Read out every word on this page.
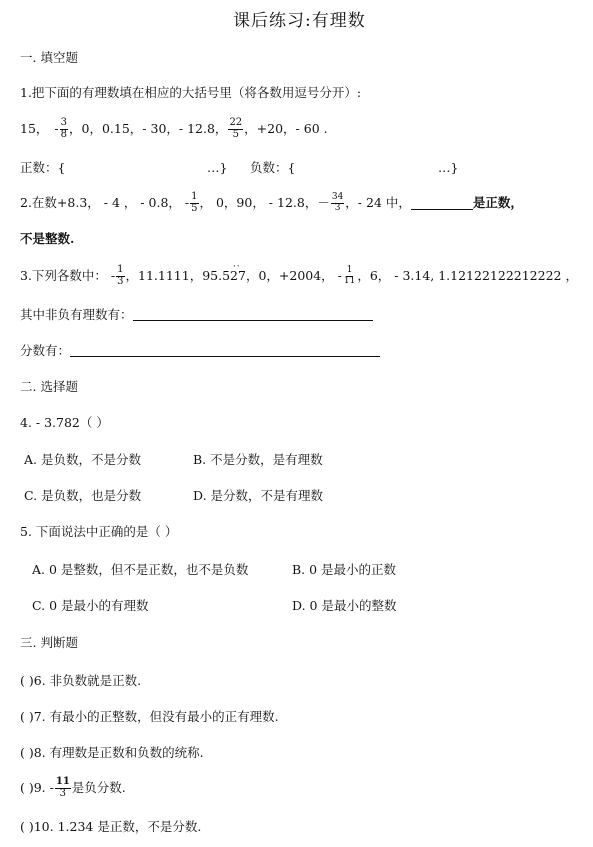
课后练习:有理数
一. 填空题
1.把下面的有理数填在相应的大括号里（将各数用逗号分开）:
15， - $\frac{3}{8}$ ，0，0.15，- 30，- 12.8， $\frac{22}{5}$ ，+20，- 60 .
正数：{	…} 负数：{	…}
2.在数+8.3， - 4 ， - 0.8， - $\frac{1}{5}$ ， 0，90， - 12.8，－ $\frac{34}{3}$ ，- 24 中，	是正数，
不是整数.
3.下列各数中： - $\frac{1}{3}$ ，11.1111，95.5
· · 27 ，0，+2004， - $\frac{1}{11}$ ，6， - 3.14, 1.12122122212222 ，
其中非负有理数有：
分数有：
二. 选择题
4. - 3.782（ ）
A. 是负数，不是分数	B. 不是分数，是有理数
C. 是负数，也是分数	D. 是分数，不是有理数
5. 下面说法中正确的是（ ）
A. 0 是整数，但不是正数，也不是负数	B. 0 是最小的正数
C. 0 是最小的有理数	D. 0 是最小的整数
三. 判断题
( )6. 非负数就是正数.
( )7. 有最小的正整数，但没有最小的正有理数.
( )8. 有理数是正数和负数的统称.
( )9. - $\frac{11}{3}$ 是负分数.
( )10. 1.234 是正数，不是分数.
